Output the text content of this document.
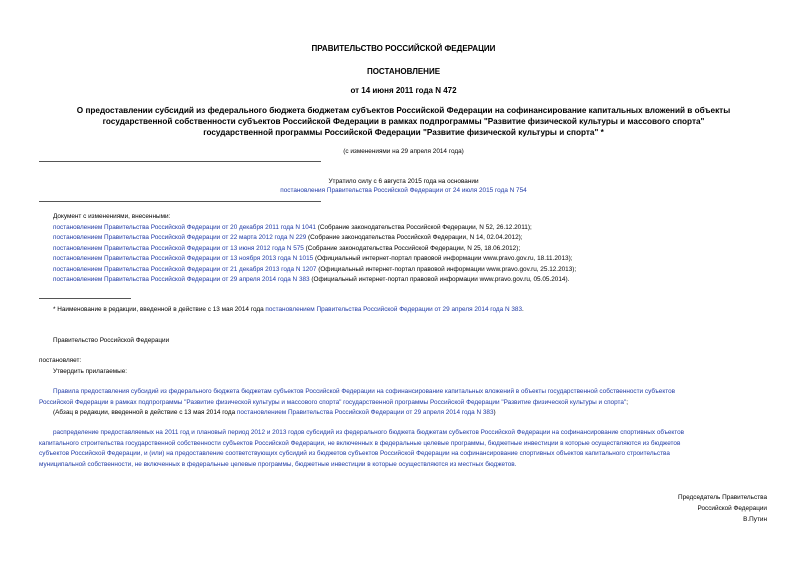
ПРАВИТЕЛЬСТВО РОССИЙСКОЙ ФЕДЕРАЦИИ
ПОСТАНОВЛЕНИЕ
от 14 июня 2011 года N 472
О предоставлении субсидий из федерального бюджета бюджетам субъектов Российской Федерации на софинансирование капитальных вложений в объекты
государственной собственности субъектов Российской Федерации в рамках подпрограммы "Развитие физической культуры и массового спорта"
государственной программы Российской Федерации "Развитие физической культуры и спорта" *
(с изменениями на 29 апреля 2014 года)
Утратило силу с 6 августа 2015 года на основании
постановления Правительства Российской Федерации от 24 июля 2015 года N 754
Документ с изменениями, внесенными:
постановлением Правительства Российской Федерации от 20 декабря 2011 года N 1041 (Собрание законодательства Российской Федерации, N 52, 26.12.2011);
постановлением Правительства Российской Федерации от 22 марта 2012 года N 229 (Собрание законодательства Российской Федерации, N 14, 02.04.2012);
постановлением Правительства Российской Федерации от 13 июня 2012 года N 575 (Собрание законодательства Российской Федерации, N 25, 18.06.2012);
постановлением Правительства Российской Федерации от 13 ноября 2013 года N 1015 (Официальный интернет-портал правовой информации www.pravo.gov.ru, 18.11.2013);
постановлением Правительства Российской Федерации от 21 декабря 2013 года N 1207 (Официальный интернет-портал правовой информации www.pravo.gov.ru, 25.12.2013);
постановлением Правительства Российской Федерации от 29 апреля 2014 года N 383 (Официальный интернет-портал правовой информации www.pravo.gov.ru, 05.05.2014).
* Наименование в редакции, введенной в действие с 13 мая 2014 года постановлением Правительства Российской Федерации от 29 апреля 2014 года N 383.
Правительство Российской Федерации
постановляет:
Утвердить прилагаемые:
Правила предоставления субсидий из федерального бюджета бюджетам субъектов Российской Федерации на софинансирование капитальных вложений в объекты государственной собственности субъектов
Российской Федерации в рамках подпрограммы "Развитие физической культуры и массового спорта" государственной программы Российской Федерации "Развитие физической культуры и спорта";
(Абзац в редакции, введенной в действие с 13 мая 2014 года постановлением Правительства Российской Федерации от 29 апреля 2014 года N 383)
распределение предоставляемых на 2011 год и плановый период 2012 и 2013 годов субсидий из федерального бюджета бюджетам субъектов Российской Федерации на софинансирование спортивных объектов
капитального строительства государственной собственности субъектов Российской Федерации, не включенных в федеральные целевые программы, бюджетные инвестиции в которые осуществляются из бюджетов
субъектов Российской Федерации, и (или) на предоставление соответствующих субсидий из бюджетов субъектов Российской Федерации на софинансирование спортивных объектов капитального строительства
муниципальной собственности, не включенных в федеральные целевые программы, бюджетные инвестиции в которые осуществляются из местных бюджетов.
Председатель Правительства
Российской Федерации
В.Путин
